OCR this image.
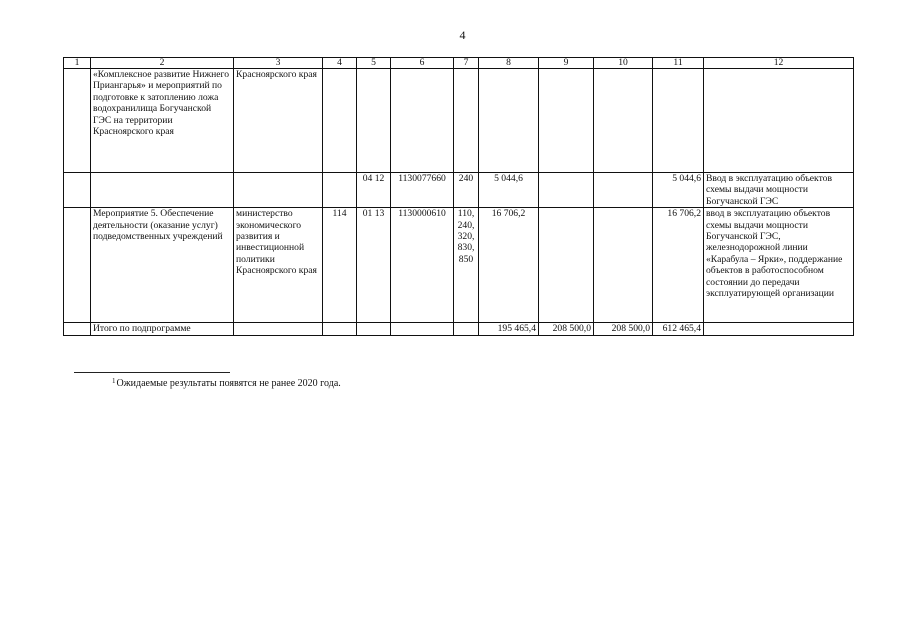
4
1	2	3	4	5	6	7	8	9	10	11	12
	«Комплексное развитие Нижнего Приангарья» и мероприятий по подготовке к затоплению ложа водохранилища Богучанской ГЭС на территории Красноярского края	Красноярского края									
				04 12	1130077660	240	5 044,6			5 044,6	Ввод в эксплуатацию объектов схемы выдачи мощности Богучанской ГЭС
	Мероприятие 5. Обеспечение деятельности (оказание услуг) подведомственных учреждений	министерство экономического развития и инвестиционной политики Красноярского края	114	01 13	1130000610	110, 240, 320, 830, 850	16 706,2			16 706,2	ввод в эксплуатацию объектов схемы выдачи мощности Богучанской ГЭС, железнодорожной линии «Карабула – Ярки», поддержание объектов в работоспособном состоянии до передачи эксплуатирующей организации
	Итого по подпрограмме						195 465,4	208 500,0	208 500,0	612 465,4	
$^1$Ожидаемые результаты появятся не ранее 2020 года.
